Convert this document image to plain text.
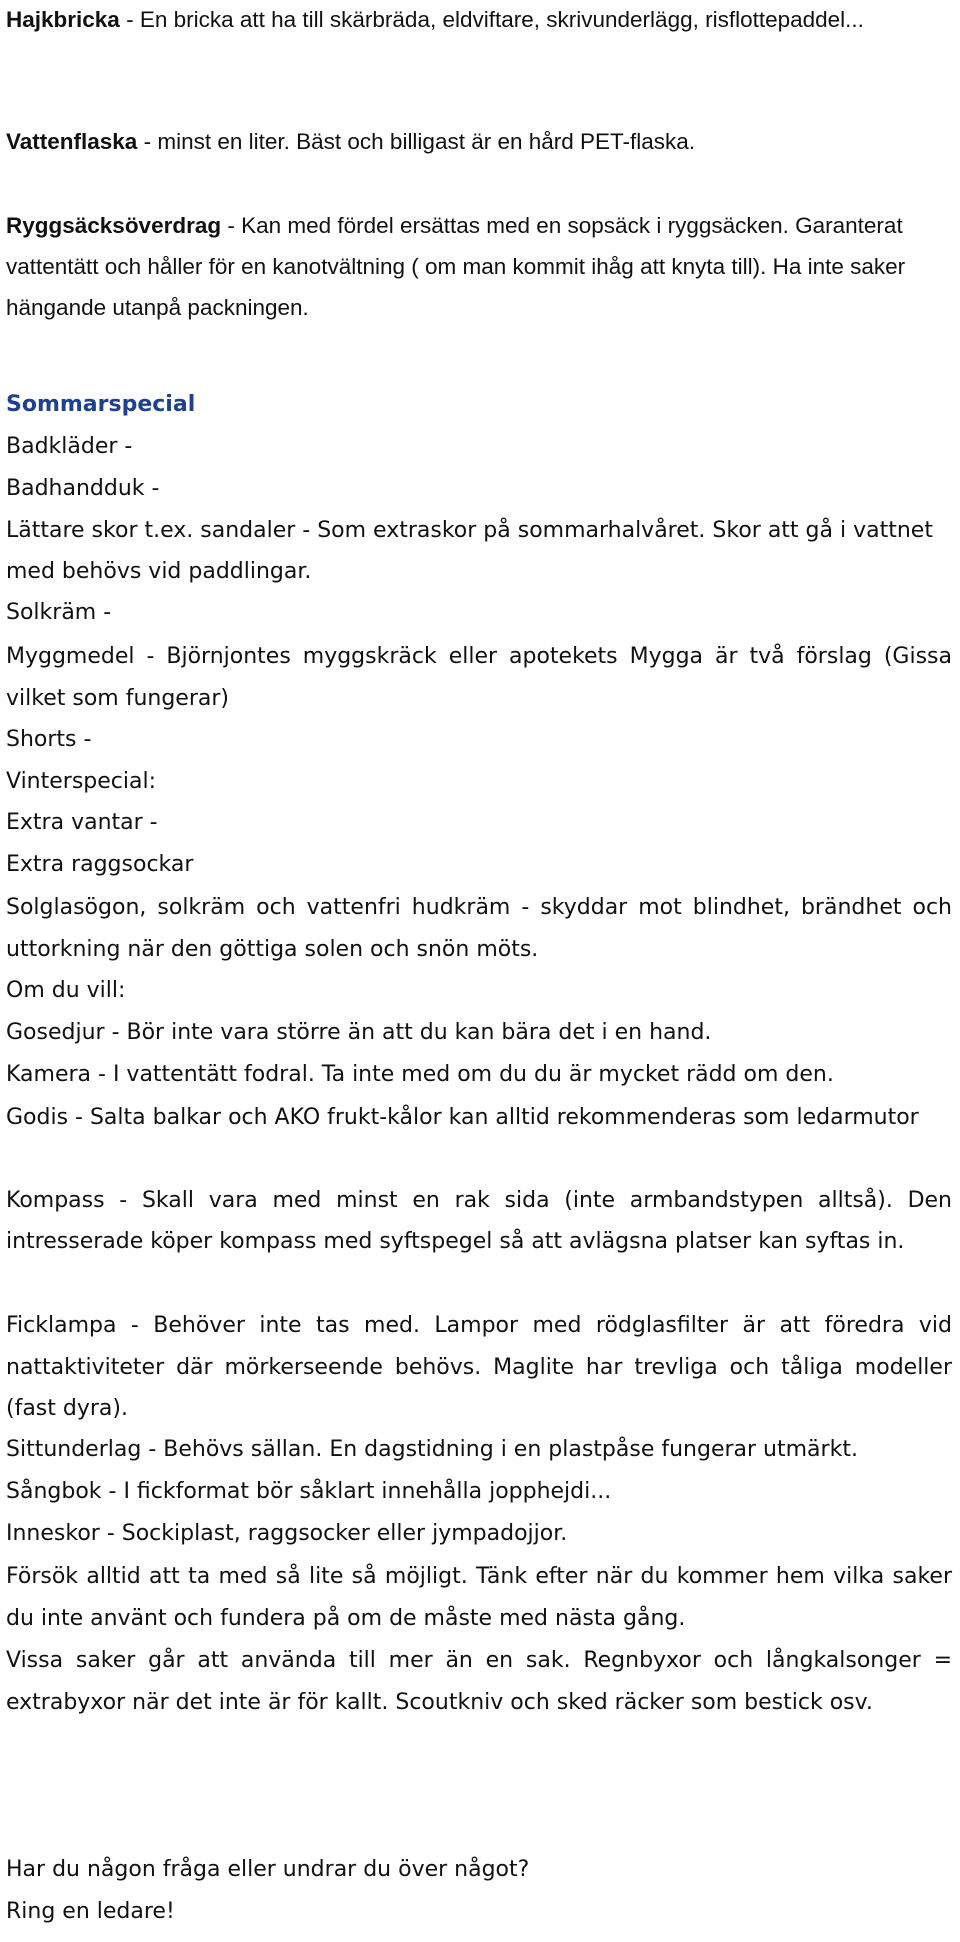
Hajkbricka - En bricka att ha till skärbräda, eldviftare, skrivunderlägg, risflottepaddel...

Vattenflaska - minst en liter. Bäst och billigast är en hård PET-flaska.

Ryggsäcksöverdrag - Kan med fördel ersättas med en sopsäck i ryggsäcken. Garanterat vattentätt och håller för en kanotvältning ( om man kommit ihåg att knyta till). Ha inte saker hängande utanpå packningen.

Sommarspecial

Badkläder -

Badhandduk -

Lättare skor t.ex. sandaler - Som extraskor på sommarhalvåret. Skor att gå i vattnet med behövs vid paddlingar.

Solkräm -

Myggmedel - Björnjontes myggskräck eller apotekets Mygga är två förslag (Gissa vilket som fungerar)

Shorts -

Vinterspecial:

Extra vantar -

Extra raggsockar

Solglasögon, solkräm och vattenfri hudkräm - skyddar mot blindhet, brändhet och uttorkning när den göttiga solen och snön möts.

Om du vill:

Gosedjur - Bör inte vara större än att du kan bära det i en hand.

Kamera - I vattentätt fodral. Ta inte med om du du är mycket rädd om den.

Godis - Salta balkar och AKO frukt-kålor kan alltid rekommenderas som ledarmutor

Kompass - Skall vara med minst en rak sida (inte armbandstypen alltså). Den intresserade köper kompass med syftspegel så att avlägsna platser kan syftas in.

Ficklampa - Behöver inte tas med. Lampor med rödglasfilter är att föredra vid nattaktiviteter där mörkerseende behövs. Maglite har trevliga och tåliga modeller (fast dyra).

Sittunderlag - Behövs sällan. En dagstidning i en plastpåse fungerar utmärkt.

Sångbok - I fickformat bör såklart innehålla jopphejdi...

Inneskor - Sockiplast, raggsocker eller jympadojjor.

Försök alltid att ta med så lite så möjligt. Tänk efter när du kommer hem vilka saker du inte använt och fundera på om de måste med nästa gång.

Vissa saker går att använda till mer än en sak. Regnbyxor och långkalsonger = extrabyxor när det inte är för kallt. Scoutkniv och sked räcker som bestick osv.

Har du någon fråga eller undrar du över något?

Ring en ledare!
